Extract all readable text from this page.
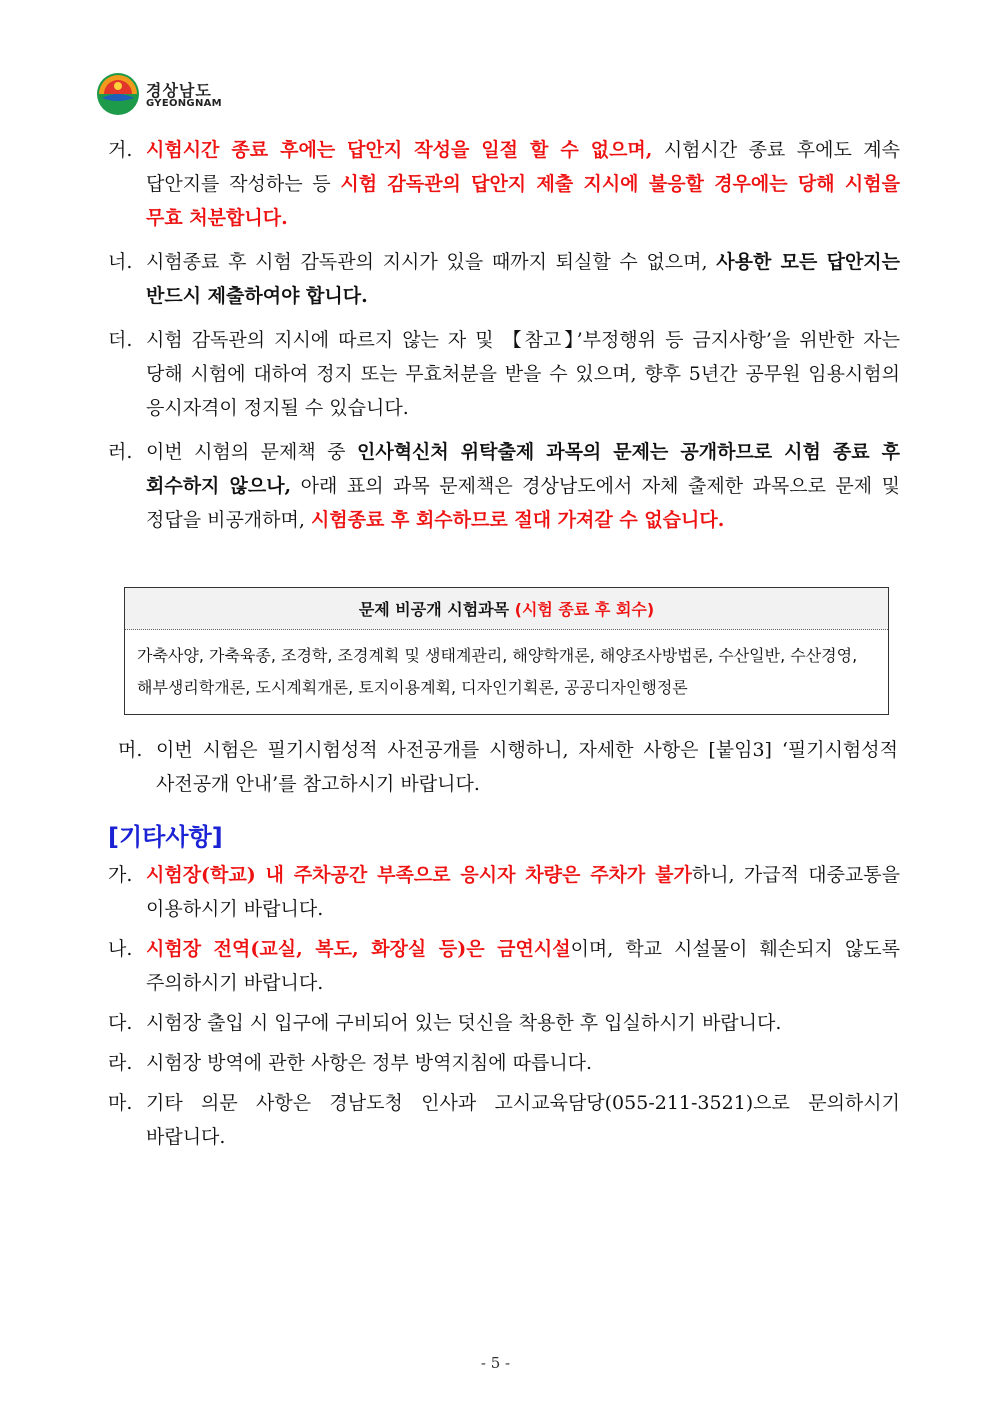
경상남도
GYEONGNAM
거. 시험시간 종료 후에는 답안지 작성을 일절 할 수 없으며, 시험시간 종료 후에도 계속 답안지를 작성하는 등 시험 감독관의 답안지 제출 지시에 불응할 경우에는 당해 시험을 무효 처분합니다.
너. 시험종료 후 시험 감독관의 지시가 있을 때까지 퇴실할 수 없으며, 사용한 모든 답안지는 반드시 제출하여야 합니다.
더. 시험 감독관의 지시에 따르지 않는 자 및 【참고】’부정행위 등 금지사항’을 위반한 자는 당해 시험에 대하여 정지 또는 무효처분을 받을 수 있으며, 향후 5년간 공무원 임용시험의 응시자격이 정지될 수 있습니다.
러. 이번 시험의 문제책 중 인사혁신처 위탁출제 과목의 문제는 공개하므로 시험 종료 후 회수하지 않으나, 아래 표의 과목 문제책은 경상남도에서 자체 출제한 과목으로 문제 및 정답을 비공개하며, 시험종료 후 회수하므로 절대 가져갈 수 없습니다.
문제 비공개 시험과목 (시험 종료 후 회수)
가축사양, 가축육종, 조경학, 조경계획 및 생태계관리, 해양학개론, 해양조사방법론, 수산일반, 수산경영, 해부생리학개론, 도시계획개론, 토지이용계획, 디자인기획론, 공공디자인행정론
머. 이번 시험은 필기시험성적 사전공개를 시행하니, 자세한 사항은 [붙임3] ‘필기시험성적 사전공개 안내’를 참고하시기 바랍니다.
[기타사항]
가. 시험장(학교) 내 주차공간 부족으로 응시자 차량은 주차가 불가하니, 가급적 대중교통을 이용하시기 바랍니다.
나. 시험장 전역(교실, 복도, 화장실 등)은 금연시설이며, 학교 시설물이 훼손되지 않도록 주의하시기 바랍니다.
다. 시험장 출입 시 입구에 구비되어 있는 덧신을 착용한 후 입실하시기 바랍니다.
라. 시험장 방역에 관한 사항은 정부 방역지침에 따릅니다.
마. 기타 의문 사항은 경남도청 인사과 고시교육담당(055-211-3521)으로 문의하시기 바랍니다.
- 5 -
